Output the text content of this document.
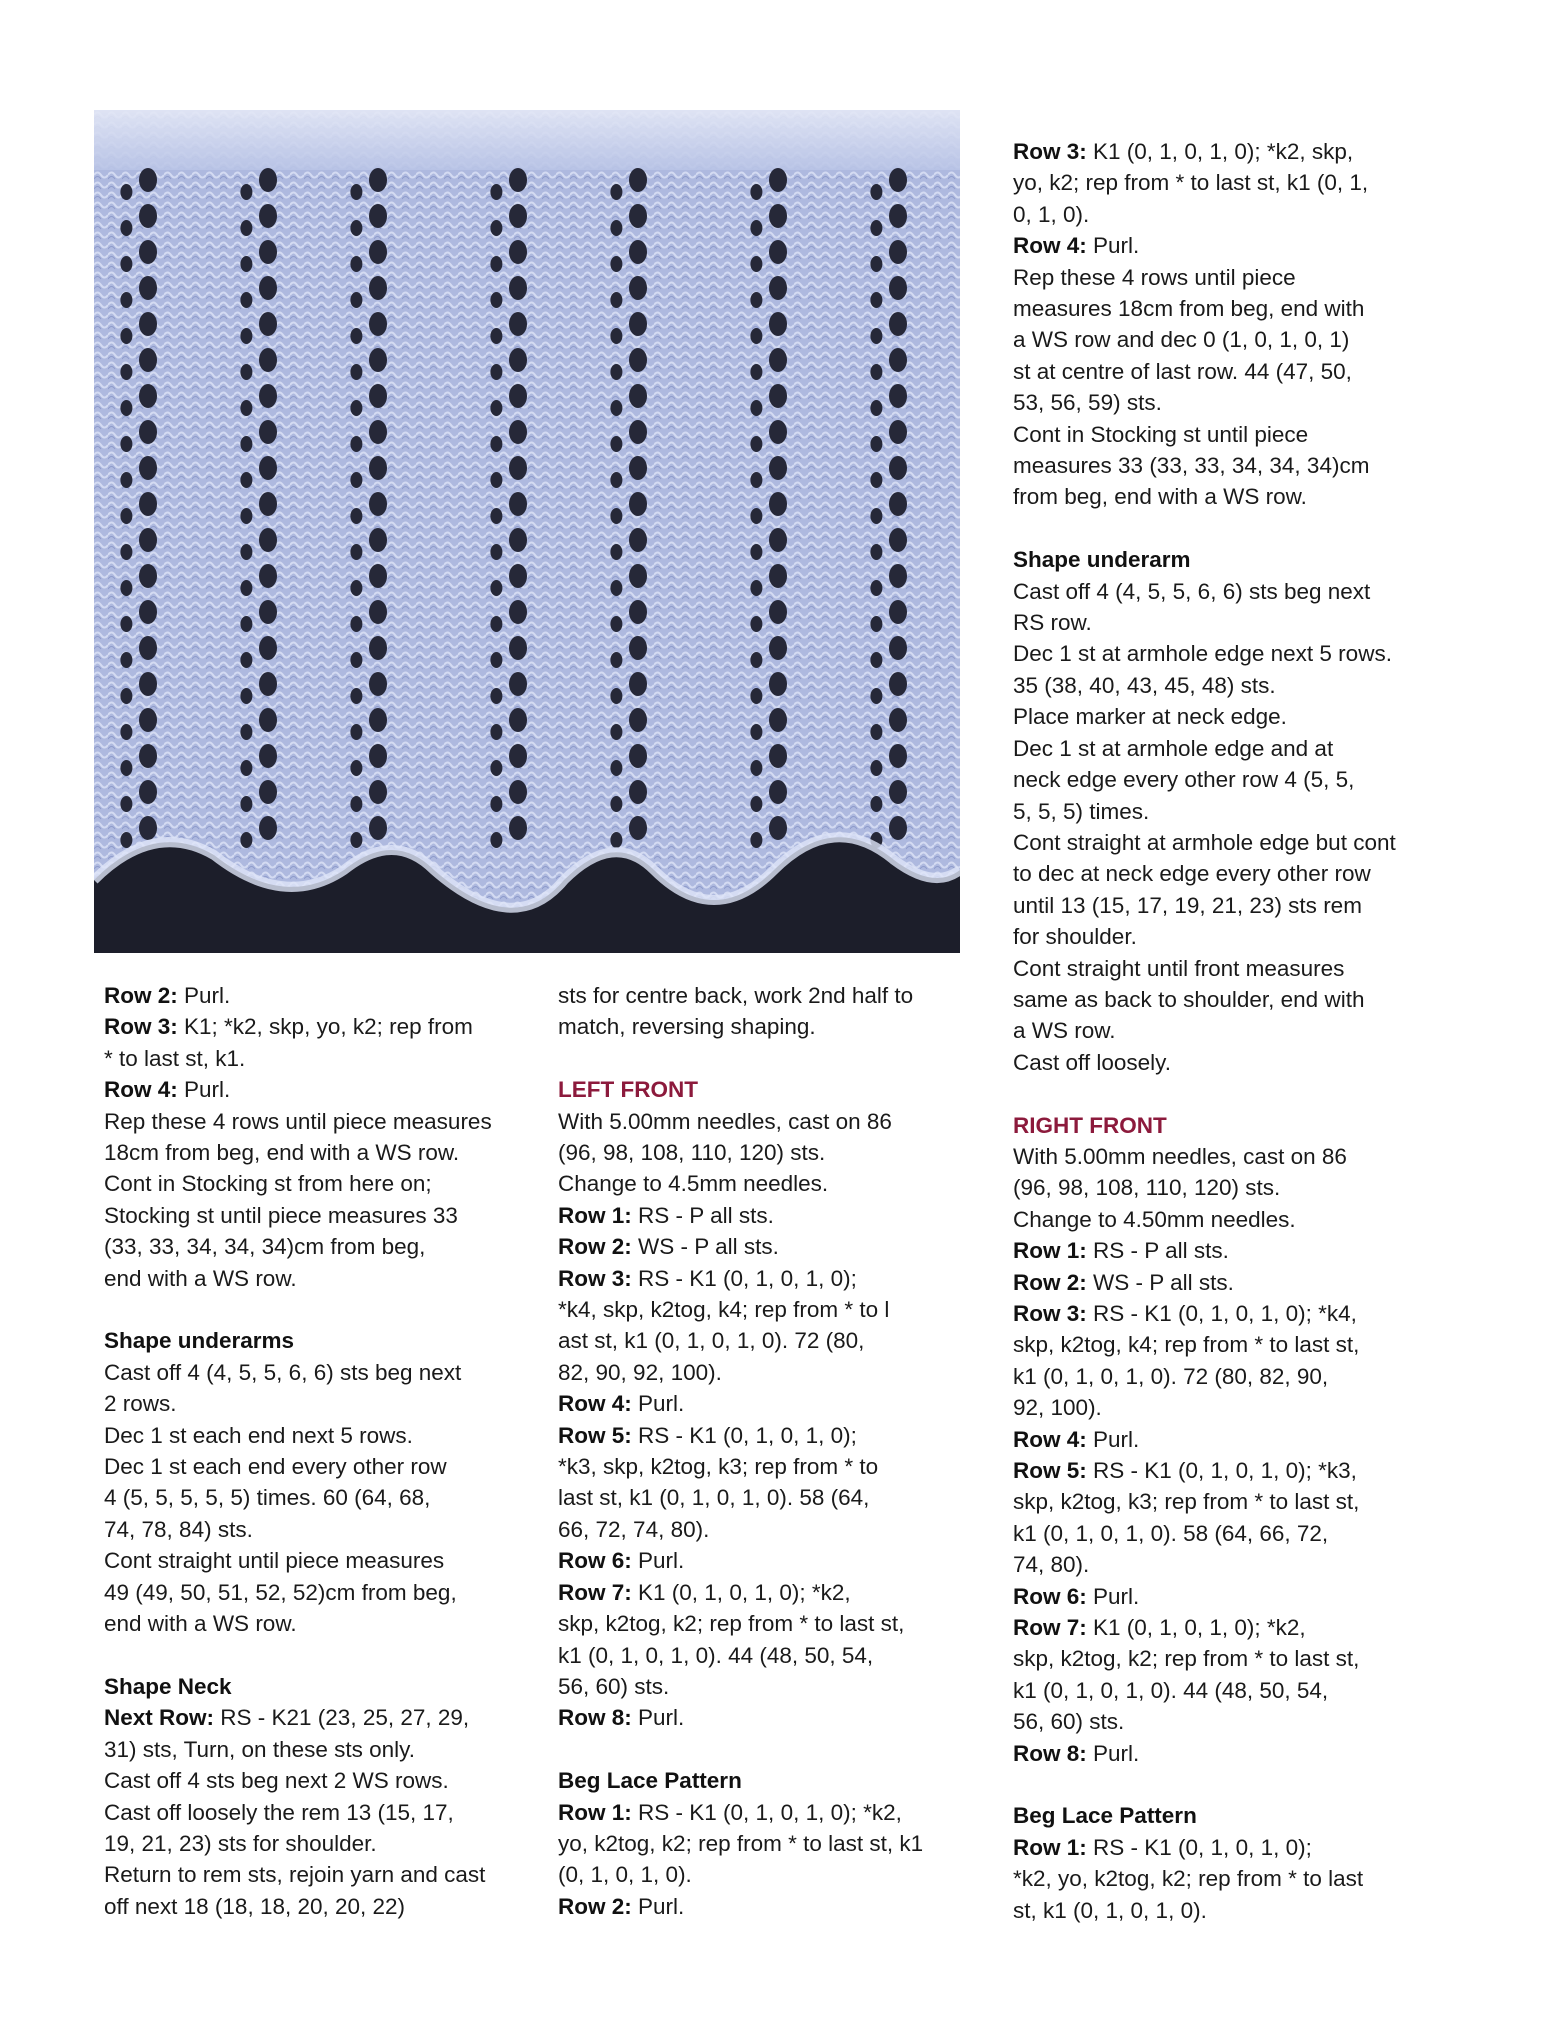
Row 2: Purl.

Row 3: K1; *k2, skp, yo, k2; rep from
* to last st, k1.

Row 4: Purl.

Rep these 4 rows until piece measures
18cm from beg, end with a WS row.
Cont in Stocking st from here on;
Stocking st until piece measures 33
(33, 33, 34, 34, 34)cm from beg,
end with a WS row.

Shape underarms

Cast off 4 (4, 5, 5, 6, 6) sts beg next
2 rows.
Dec 1 st each end next 5 rows.
Dec 1 st each end every other row
4 (5, 5, 5, 5, 5) times. 60 (64, 68,
74, 78, 84) sts.
Cont straight until piece measures
49 (49, 50, 51, 52, 52)cm from beg,
end with a WS row.

Shape Neck

Next Row: RS - K21 (23, 25, 27, 29,
31) sts, Turn, on these sts only.
Cast off 4 sts beg next 2 WS rows.
Cast off loosely the rem 13 (15, 17,
19, 21, 23) sts for shoulder.
Return to rem sts, rejoin yarn and cast
off next 18 (18, 18, 20, 20, 22)

sts for centre back, work 2nd half to
match, reversing shaping.

LEFT FRONT

With 5.00mm needles, cast on 86
(96, 98, 108, 110, 120) sts.
Change to 4.5mm needles.

Row 1: RS - P all sts.

Row 2: WS - P all sts.

Row 3: RS - K1 (0, 1, 0, 1, 0);
*k4, skp, k2tog, k4; rep from * to l
ast st, k1 (0, 1, 0, 1, 0). 72 (80,
82, 90, 92, 100).

Row 4: Purl.

Row 5: RS - K1 (0, 1, 0, 1, 0);
*k3, skp, k2tog, k3; rep from * to
last st, k1 (0, 1, 0, 1, 0). 58 (64,
66, 72, 74, 80).

Row 6: Purl.

Row 7: K1 (0, 1, 0, 1, 0); *k2,
skp, k2tog, k2; rep from * to last st,
k1 (0, 1, 0, 1, 0). 44 (48, 50, 54,
56, 60) sts.

Row 8: Purl.

Beg Lace Pattern

Row 1: RS - K1 (0, 1, 0, 1, 0); *k2,
yo, k2tog, k2; rep from * to last st, k1
(0, 1, 0, 1, 0).

Row 2: Purl.

Row 3: K1 (0, 1, 0, 1, 0); *k2, skp,
yo, k2; rep from * to last st, k1 (0, 1,
0, 1, 0).

Row 4: Purl.

Rep these 4 rows until piece
measures 18cm from beg, end with
a WS row and dec 0 (1, 0, 1, 0, 1)
st at centre of last row. 44 (47, 50,
53, 56, 59) sts.
Cont in Stocking st until piece
measures 33 (33, 33, 34, 34, 34)cm
from beg, end with a WS row.

Shape underarm

Cast off 4 (4, 5, 5, 6, 6) sts beg next
RS row.
Dec 1 st at armhole edge next 5 rows.
35 (38, 40, 43, 45, 48) sts.
Place marker at neck edge.
Dec 1 st at armhole edge and at
neck edge every other row 4 (5, 5,
5, 5, 5) times.
Cont straight at armhole edge but cont
to dec at neck edge every other row
until 13 (15, 17, 19, 21, 23) sts rem
for shoulder.
Cont straight until front measures
same as back to shoulder, end with
a WS row.
Cast off loosely.

RIGHT FRONT

With 5.00mm needles, cast on 86
(96, 98, 108, 110, 120) sts.
Change to 4.50mm needles.

Row 1: RS - P all sts.

Row 2: WS - P all sts.

Row 3: RS - K1 (0, 1, 0, 1, 0); *k4,
skp, k2tog, k4; rep from * to last st,
k1 (0, 1, 0, 1, 0). 72 (80, 82, 90,
92, 100).

Row 4: Purl.

Row 5: RS - K1 (0, 1, 0, 1, 0); *k3,
skp, k2tog, k3; rep from * to last st,
k1 (0, 1, 0, 1, 0). 58 (64, 66, 72,
74, 80).

Row 6: Purl.

Row 7: K1 (0, 1, 0, 1, 0); *k2,
skp, k2tog, k2; rep from * to last st,
k1 (0, 1, 0, 1, 0). 44 (48, 50, 54,
56, 60) sts.

Row 8: Purl.

Beg Lace Pattern

Row 1: RS - K1 (0, 1, 0, 1, 0);
*k2, yo, k2tog, k2; rep from * to last
st, k1 (0, 1, 0, 1, 0).
